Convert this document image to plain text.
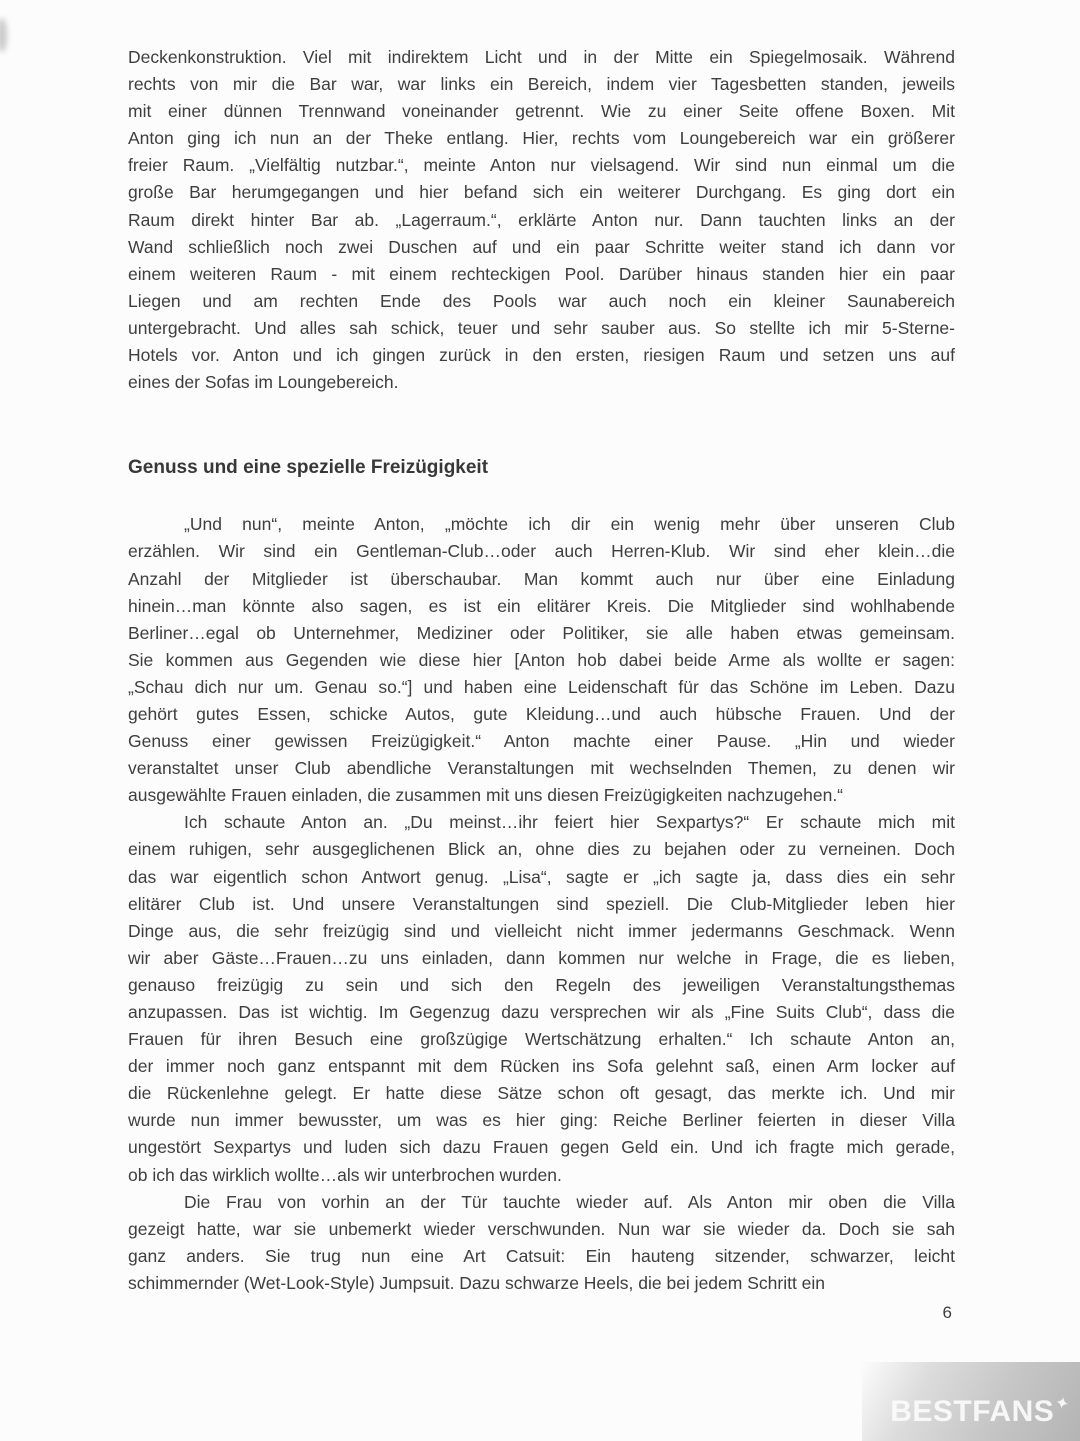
Deckenkonstruktion. Viel mit indirektem Licht und in der Mitte ein Spiegelmosaik. Während
rechts von mir die Bar war, war links ein Bereich, indem vier Tagesbetten standen, jeweils
mit einer dünnen Trennwand voneinander getrennt. Wie zu einer Seite offene Boxen. Mit
Anton ging ich nun an der Theke entlang. Hier, rechts vom Loungebereich war ein größerer
freier Raum. „Vielfältig nutzbar.“, meinte Anton nur vielsagend. Wir sind nun einmal um die
große Bar herumgegangen und hier befand sich ein weiterer Durchgang. Es ging dort ein
Raum direkt hinter Bar ab. „Lagerraum.“, erklärte Anton nur. Dann tauchten links an der
Wand schließlich noch zwei Duschen auf und ein paar Schritte weiter stand ich dann vor
einem weiteren Raum - mit einem rechteckigen Pool. Darüber hinaus standen hier ein paar
Liegen und am rechten Ende des Pools war auch noch ein kleiner Saunabereich
untergebracht. Und alles sah schick, teuer und sehr sauber aus. So stellte ich mir 5-Sterne-
Hotels vor. Anton und ich gingen zurück in den ersten, riesigen Raum und setzen uns auf
eines der Sofas im Loungebereich.
Genuss und eine spezielle Freizügigkeit
„Und nun“, meinte Anton, „möchte ich dir ein wenig mehr über unseren Club
erzählen. Wir sind ein Gentleman-Club…oder auch Herren-Klub. Wir sind eher klein…die
Anzahl der Mitglieder ist überschaubar. Man kommt auch nur über eine Einladung
hinein…man könnte also sagen, es ist ein elitärer Kreis. Die Mitglieder sind wohlhabende
Berliner…egal ob Unternehmer, Mediziner oder Politiker, sie alle haben etwas gemeinsam.
Sie kommen aus Gegenden wie diese hier [Anton hob dabei beide Arme als wollte er sagen:
„Schau dich nur um. Genau so.“] und haben eine Leidenschaft für das Schöne im Leben. Dazu
gehört gutes Essen, schicke Autos, gute Kleidung…und auch hübsche Frauen. Und der
Genuss einer gewissen Freizügigkeit.“ Anton machte einer Pause. „Hin und wieder
veranstaltet unser Club abendliche Veranstaltungen mit wechselnden Themen, zu denen wir
ausgewählte Frauen einladen, die zusammen mit uns diesen Freizügigkeiten nachzugehen.“
Ich schaute Anton an. „Du meinst…ihr feiert hier Sexpartys?“ Er schaute mich mit
einem ruhigen, sehr ausgeglichenen Blick an, ohne dies zu bejahen oder zu verneinen. Doch
das war eigentlich schon Antwort genug. „Lisa“, sagte er „ich sagte ja, dass dies ein sehr
elitärer Club ist. Und unsere Veranstaltungen sind speziell. Die Club-Mitglieder leben hier
Dinge aus, die sehr freizügig sind und vielleicht nicht immer jedermanns Geschmack. Wenn
wir aber Gäste…Frauen…zu uns einladen, dann kommen nur welche in Frage, die es lieben,
genauso freizügig zu sein und sich den Regeln des jeweiligen Veranstaltungsthemas
anzupassen. Das ist wichtig. Im Gegenzug dazu versprechen wir als „Fine Suits Club“, dass die
Frauen für ihren Besuch eine großzügige Wertschätzung erhalten.“ Ich schaute Anton an,
der immer noch ganz entspannt mit dem Rücken ins Sofa gelehnt saß, einen Arm locker auf
die Rückenlehne gelegt. Er hatte diese Sätze schon oft gesagt, das merkte ich. Und mir
wurde nun immer bewusster, um was es hier ging: Reiche Berliner feierten in dieser Villa
ungestört Sexpartys und luden sich dazu Frauen gegen Geld ein. Und ich fragte mich gerade,
ob ich das wirklich wollte…als wir unterbrochen wurden.
Die Frau von vorhin an der Tür tauchte wieder auf. Als Anton mir oben die Villa
gezeigt hatte, war sie unbemerkt wieder verschwunden. Nun war sie wieder da. Doch sie sah
ganz anders. Sie trug nun eine Art Catsuit: Ein hauteng sitzender, schwarzer, leicht
schimmernder (Wet-Look-Style) Jumpsuit. Dazu schwarze Heels, die bei jedem Schritt ein
6
BESTFANS✦
